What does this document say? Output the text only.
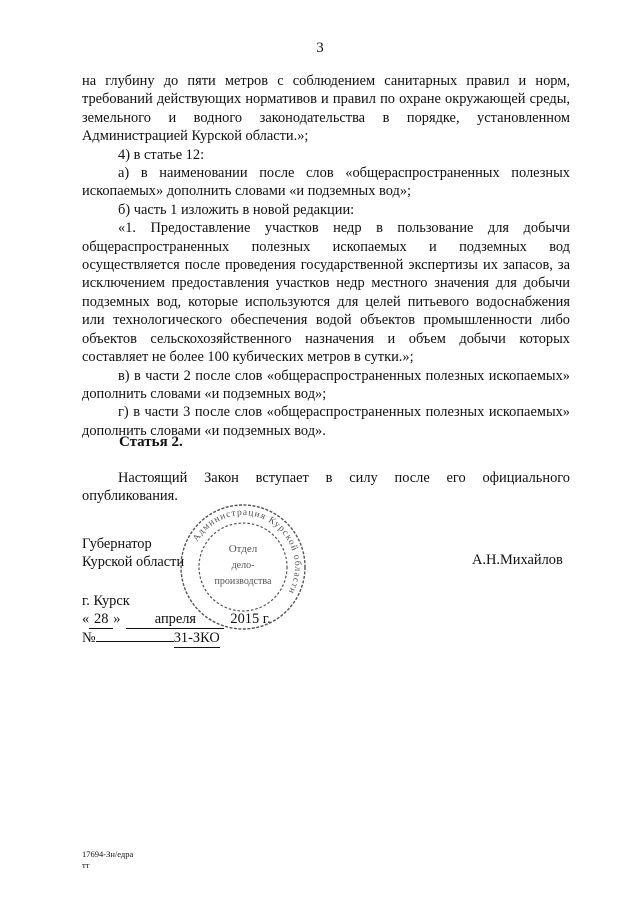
3

на глубину до пяти метров с соблюдением санитарных правил и норм, требований действующих нормативов и правил по охране окружающей среды, земельного и водного законодательства в порядке, установленном Администрацией Курской области.»;

4) в статье 12:

а) в наименовании после слов «общераспространенных полезных ископаемых» дополнить словами «и подземных вод»;

б) часть 1 изложить в новой редакции:

«1. Предоставление участков недр в пользование для добычи общераспространенных полезных ископаемых и подземных вод осуществляется после проведения государственной экспертизы их запасов, за исключением предоставления участков недр местного значения для добычи подземных вод, которые используются для целей питьевого водоснабжения или технологического обеспечения водой объектов промышленности либо объектов сельскохозяйственного назначения и объем добычи которых составляет не более 100 кубических метров в сутки.»;

в) в части 2 после слов «общераспространенных полезных ископаемых» дополнить словами «и подземных вод»;

г) в части 3 после слов «общераспространенных полезных ископаемых» дополнить словами «и подземных вод».

Статья 2.

Настоящий Закон вступает в силу после его официального опубликования.

Губернатор
Курской области	А.Н.Михайлов
г. Курск
« 28 » апреля 2015 г.
№	31-ЗКО
Администрация Курской области
Отдел
дело-
производства
17694-Зн/едра
тт
